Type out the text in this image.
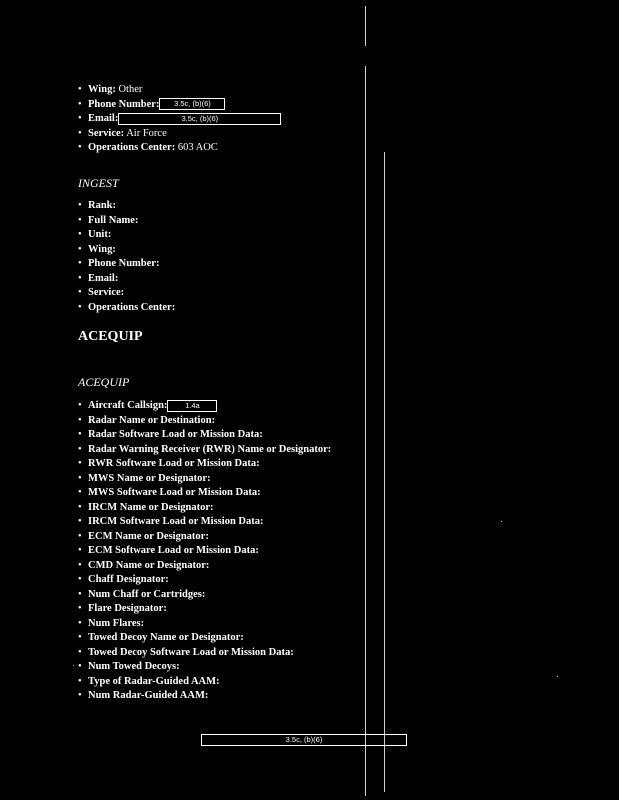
• Wing: Other
• Phone Number: 3.5c, (b)(6)
• Email:	3.5c, (b)(6)
• Service: Air Force
• Operations Center: 603 AOC
INGEST
• Rank:
• Full Name:
• Unit:
• Wing:
• Phone Number:
• Email:
• Service:
• Operations Center:
ACEQUIP
ACEQUIP
• Aircraft Callsign: 1.4a
• Radar Name or Destination:
• Radar Software Load or Mission Data:
• Radar Warning Receiver (RWR) Name or Designator:
• RWR Software Load or Mission Data:
• MWS Name or Designator:
• MWS Software Load or Mission Data:
• IRCM Name or Designator:
• IRCM Software Load or Mission Data:
• ECM Name or Designator:
• ECM Software Load or Mission Data:
• CMD Name or Designator:
• Chaff Designator:
• Num Chaff or Cartridges:
• Flare Designator:
• Num Flares:
• Towed Decoy Name or Designator:
• Towed Decoy Software Load or Mission Data:
• Num Towed Decoys:
• Type of Radar-Guided AAM:
• Num Radar-Guided AAM:
3.5c, (b)(6)
